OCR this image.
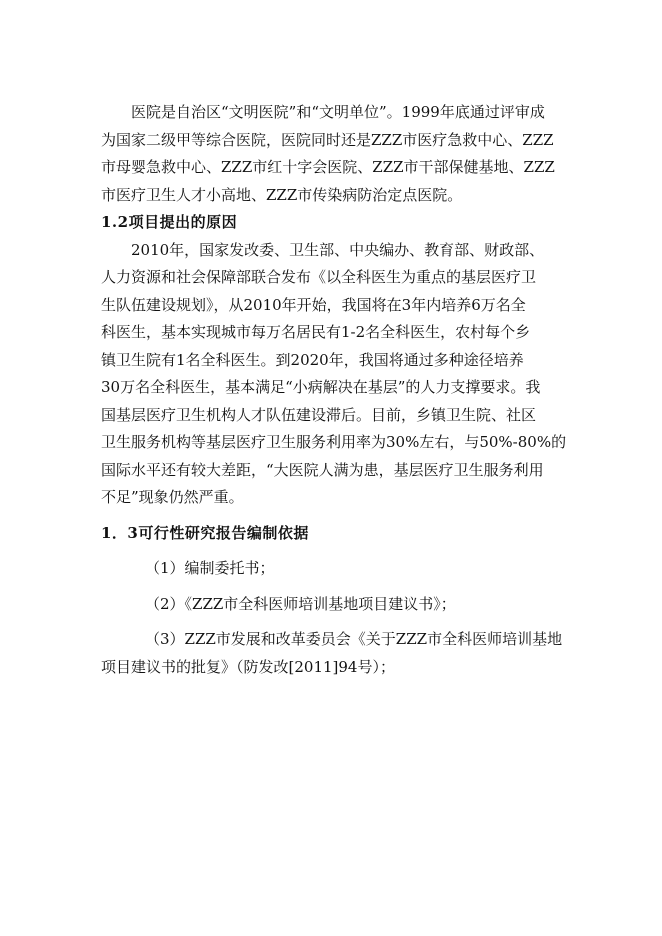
医院是自治区“文明医院”和“文明单位”。1999年底通过评审成
为国家二级甲等综合医院，医院同时还是ZZZ市医疗急救中心、ZZZ
市母婴急救中心、ZZZ市红十字会医院、ZZZ市干部保健基地、ZZZ
市医疗卫生人才小高地、ZZZ市传染病防治定点医院。

1.2项目提出的原因

2010年，国家发改委、卫生部、中央编办、教育部、财政部、
人力资源和社会保障部联合发布《以全科医生为重点的基层医疗卫
生队伍建设规划》，从2010年开始，我国将在3年内培养6万名全
科医生，基本实现城市每万名居民有1-2名全科医生，农村每个乡
镇卫生院有1名全科医生。到2020年，我国将通过多种途径培养
30万名全科医生，基本满足“小病解决在基层”的人力支撑要求。我
国基层医疗卫生机构人才队伍建设滞后。目前，乡镇卫生院、社区
卫生服务机构等基层医疗卫生服务利用率为30%左右，与50%-80%的
国际水平还有较大差距，“大医院人满为患，基层医疗卫生服务利用
不足”现象仍然严重。

1．3可行性研究报告编制依据

（1）编制委托书；

（2）《ZZZ市全科医师培训基地项目建议书》；

（3）ZZZ市发展和改革委员会《关于ZZZ市全科医师培训基地
项目建议书的批复》（防发改[2011]94号）；
